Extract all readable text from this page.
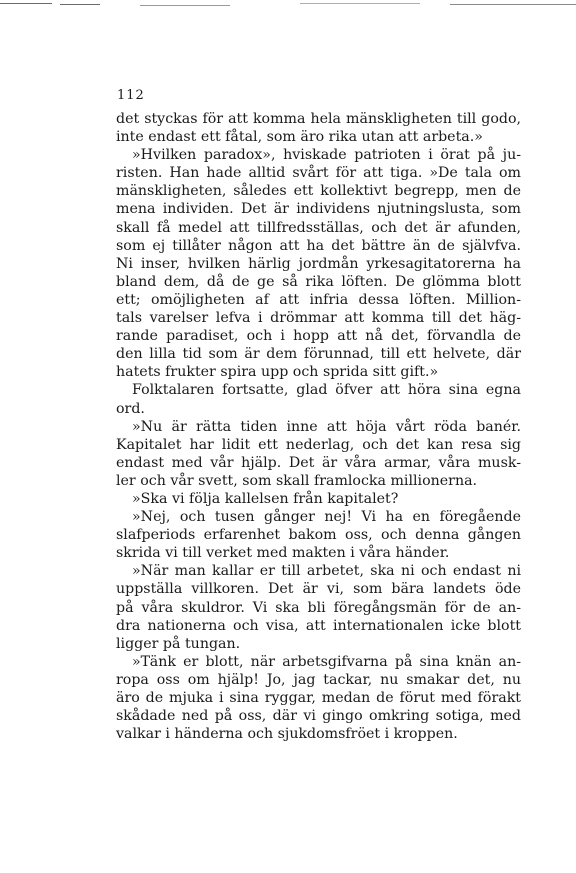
112
det styckas för att komma hela mänskligheten till godo,
inte endast ett fåtal, som äro rika utan att arbeta.»
»Hvilken paradox», hviskade patrioten i örat på ju-
risten. Han hade alltid svårt för att tiga. »De tala om
mänskligheten, således ett kollektivt begrepp, men de
mena individen. Det är individens njutningslusta, som
skall få medel att tillfredsställas, och det är afunden,
som ej tillåter någon att ha det bättre än de självfva.
Ni inser, hvilken härlig jordmån yrkesagitatorerna ha
bland dem, då de ge så rika löften. De glömma blott
ett; omöjligheten af att infria dessa löften. Million-
tals varelser lefva i drömmar att komma till det häg-
rande paradiset, och i hopp att nå det, förvandla de
den lilla tid som är dem förunnad, till ett helvete, där
hatets frukter spira upp och sprida sitt gift.»
Folktalaren fortsatte, glad öfver att höra sina egna
ord.
»Nu är rätta tiden inne att höja vårt röda banér.
Kapitalet har lidit ett nederlag, och det kan resa sig
endast med vår hjälp. Det är våra armar, våra musk-
ler och vår svett, som skall framlocka millionerna.
»Ska vi följa kallelsen från kapitalet?
»Nej, och tusen gånger nej! Vi ha en föregående
slafperiods erfarenhet bakom oss, och denna gången
skrida vi till verket med makten i våra händer.
»När man kallar er till arbetet, ska ni och endast ni
uppställa villkoren. Det är vi, som bära landets öde
på våra skuldror. Vi ska bli föregångsmän för de an-
dra nationerna och visa, att internationalen icke blott
ligger på tungan.
»Tänk er blott, när arbetsgifvarna på sina knän an-
ropa oss om hjälp! Jo, jag tackar, nu smakar det, nu
äro de mjuka i sina ryggar, medan de förut med förakt
skådade ned på oss, där vi gingo omkring sotiga, med
valkar i händerna och sjukdomsfröet i kroppen.
